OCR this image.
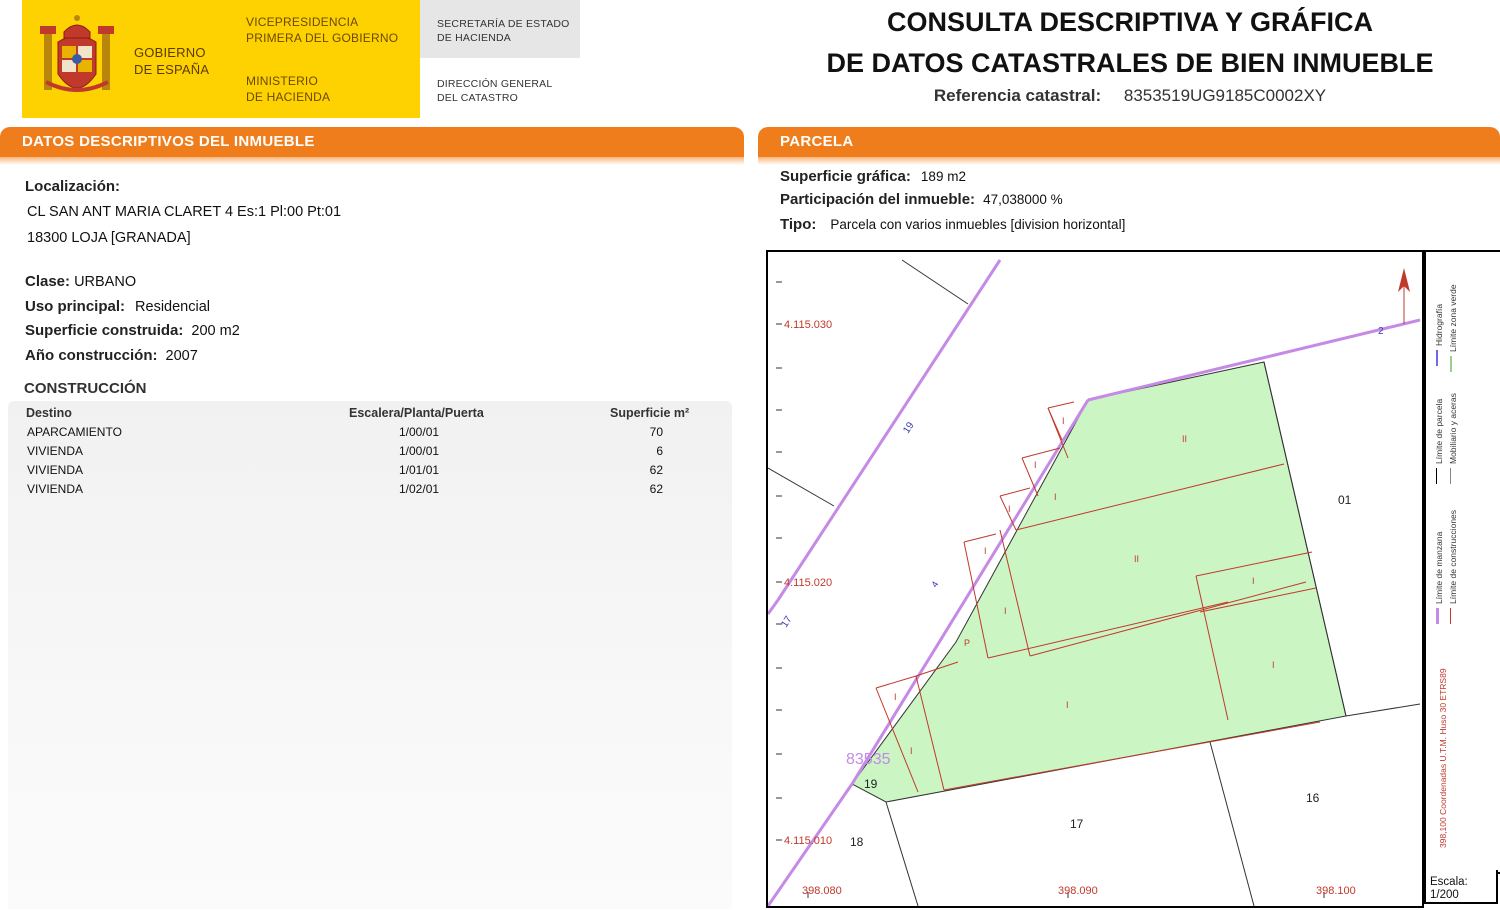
GOBIERNO
DE ESPAÑA
VICEPRESIDENCIA
PRIMERA DEL GOBIERNO
MINISTERIO
DE HACIENDA
SECRETARÍA DE ESTADO
DE HACIENDA
DIRECCIÓN GENERAL
DEL CATASTRO
CONSULTA DESCRIPTIVA Y GRÁFICA
DE DATOS CATASTRALES DE BIEN INMUEBLE
Referencia catastral: 8353519UG9185C0002XY
DATOS DESCRIPTIVOS DEL INMUEBLE	PARCELA
Localización:
CL SAN ANT MARIA CLARET 4 Es:1 Pl:00 Pt:01
18300 LOJA [GRANADA]
Clase: URBANO
Uso principal: Residencial
Superficie construida: 200 m2
Año construcción: 2007
CONSTRUCCIÓN
Destino	Escalera/Planta/Puerta	Superficie m²
APARCAMIENTO	1/00/01	70
VIVIENDA	1/00/01	6
VIVIENDA	1/01/01	62
VIVIENDA	1/02/01	62
Superficie gráfica: 189 m2
Participación del inmueble: 47,038000 %
Tipo: Parcela con varios inmuebles [division horizontal]
4.115.030
4.115.020
4.115.010
398.080	398.090	398.100
01
16
17
18
19
19
17
2
4
83535
I
II
I
I
I
I
II
I
I
P
I
I
I
I	398,100 Coordenadas U.T.M. Huso 30 ETRS89
Límite de manzana Límite de construcciones
Límite de parcela Mobiliario y aceras
Hidrografía Límite zona verde
Escala:
1/200
